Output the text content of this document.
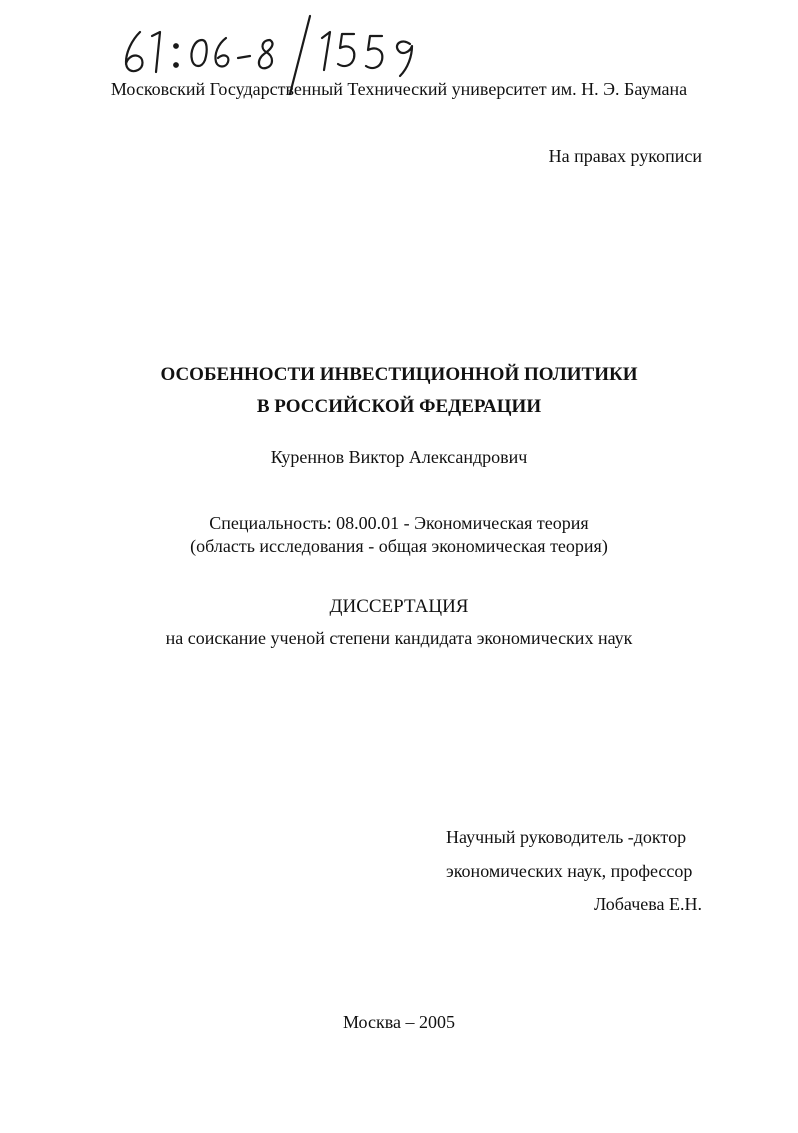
Московский Государственный Технический университет им. Н. Э. Баумана
На правах рукописи
ОСОБЕННОСТИ ИНВЕСТИЦИОННОЙ ПОЛИТИКИ
В РОССИЙСКОЙ ФЕДЕРАЦИИ
Куреннов Виктор Александрович
Специальность: 08.00.01 - Экономическая теория
(область исследования - общая экономическая теория)
ДИССЕРТАЦИЯ
на соискание ученой степени кандидата экономических наук
Научный руководитель -доктор
экономических наук, профессор
Лобачева Е.Н.
Москва – 2005
